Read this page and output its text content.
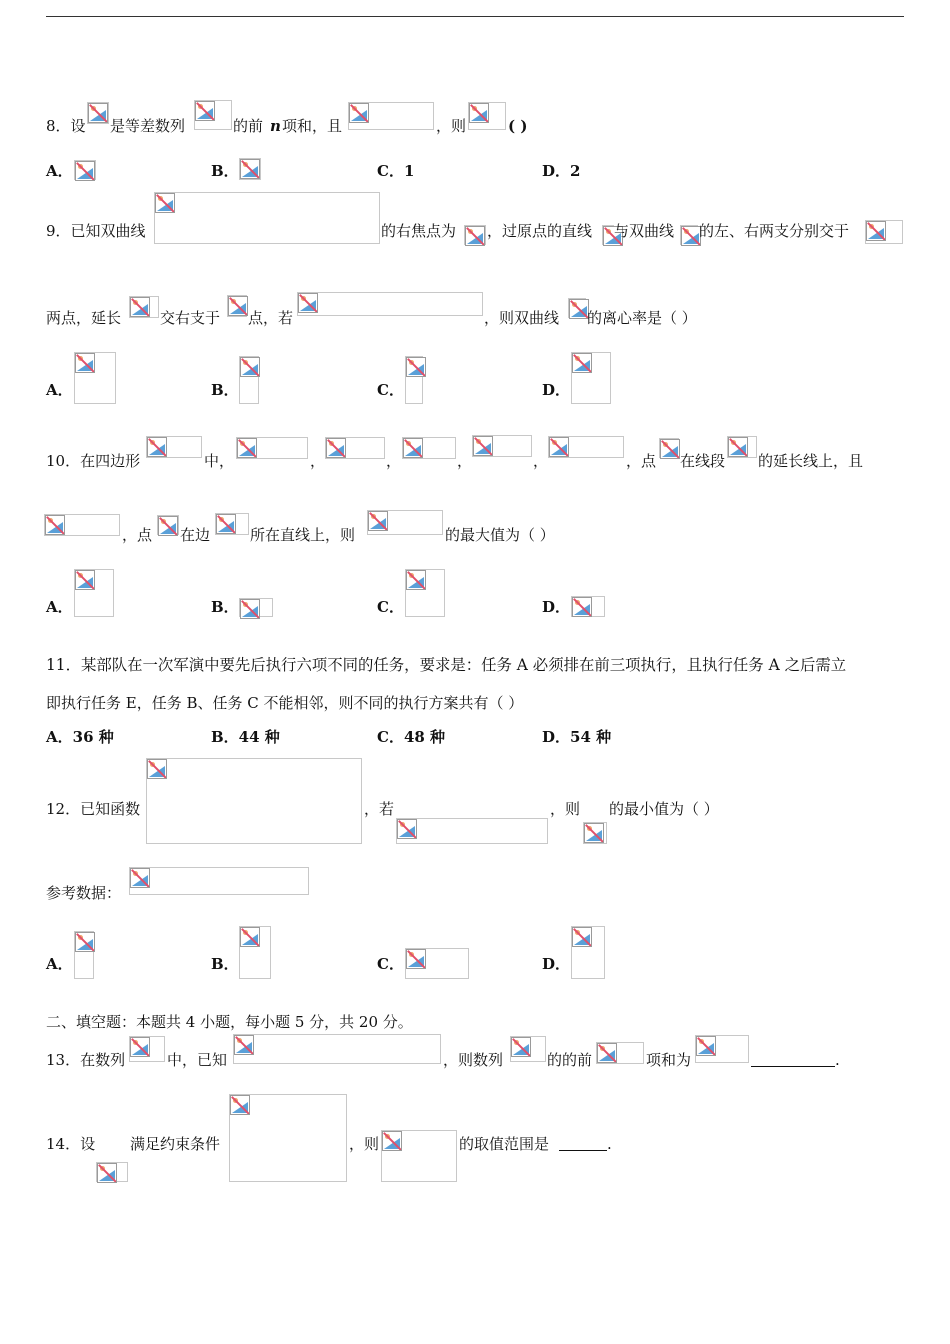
8．设 是等差数列	的前 n 项和，且	，则	( )
A．	B．	C．1	D．2
9．已知双曲线	的右焦点为 ，过原点的直线 与双曲线 的左、右两支分别交于
两点，延长	交右支于 点，若	，则双曲线 的离心率是（ ）
A．	B．	C．	D．
10．在四边形	中，	，	，	，	，	，点 在线段 的延长线上，且
，点 在边	所在直线上，则	的最大值为（ ）
A．	B．	C．	D．
11．某部队在一次军演中要先后执行六项不同的任务，要求是：任务 A 必须排在前三项执行，且执行任务 A 之后需立
即执行任务 E，任务 B、任务 C 不能相邻，则不同的执行方案共有（ ）
A．36 种	B．44 种	C．48 种	D．54 种
12．已知函数	，若	，则 的最小值为（ ）
参考数据：
A．	B．	C．	D．
二、填空题：本题共 4 小题，每小题 5 分，共 20 分。
13．在数列	中，已知	，则数列	的的前	项和为	.
14．设 满足约束条件	，则	的取值范围是	.
